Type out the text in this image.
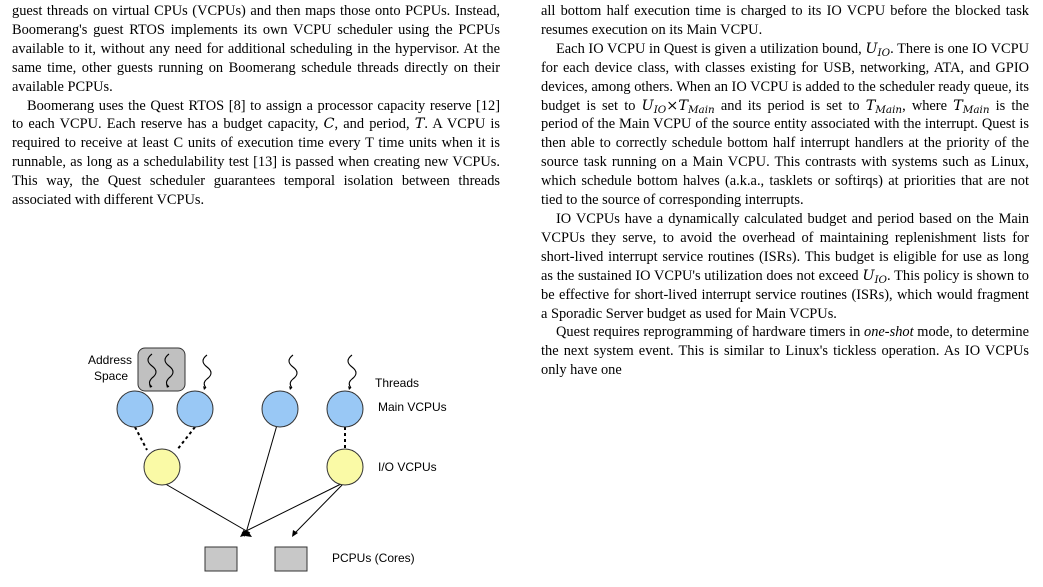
guest threads on virtual CPUs (VCPUs) and then maps those onto PCPUs. Instead, Boomerang's guest RTOS implements its own VCPU scheduler using the PCPUs available to it, without any need for additional scheduling in the hypervisor. At the same time, other guests running on Boomerang schedule threads directly on their available PCPUs.

Boomerang uses the Quest RTOS [8] to assign a processor capacity reserve [12] to each VCPU. Each reserve has a budget capacity, C, and period, T. A VCPU is required to receive at least C units of execution time every T time units when it is runnable, as long as a schedulability test [13] is passed when creating new VCPUs. This way, the Quest scheduler guarantees temporal isolation between threads associated with different VCPUs.

Address
Space	Threads
Main VCPUs
I/O VCPUs
PCPUs (Cores)

all bottom half execution time is charged to its IO VCPU before the blocked task resumes execution on its Main VCPU.

Each IO VCPU in Quest is given a utilization bound, $U_{IO}$. There is one IO VCPU for each device class, with classes existing for USB, networking, ATA, and GPIO devices, among others. When an IO VCPU is added to the scheduler ready queue, its budget is set to $U_{IO}\times T_{Main}$ and its period is set to $T_{Main}$, where $T_{Main}$ is the period of the Main VCPU of the source entity associated with the interrupt. Quest is then able to correctly schedule bottom half interrupt handlers at the priority of the source task running on a Main VCPU. This contrasts with systems such as Linux, which schedule bottom halves (a.k.a., tasklets or softirqs) at priorities that are not tied to the source of corresponding interrupts.

IO VCPUs have a dynamically calculated budget and period based on the Main VCPUs they serve, to avoid the overhead of maintaining replenishment lists for short-lived interrupt service routines (ISRs). This budget is eligible for use as long as the sustained IO VCPU's utilization does not exceed $U_{IO}$. This policy is shown to be effective for short-lived interrupt service routines (ISRs), which would fragment a Sporadic Server budget as used for Main VCPUs.

Quest requires reprogramming of hardware timers in one-shot mode, to determine the next system event. This is similar to Linux's tickless operation. As IO VCPUs only have one
